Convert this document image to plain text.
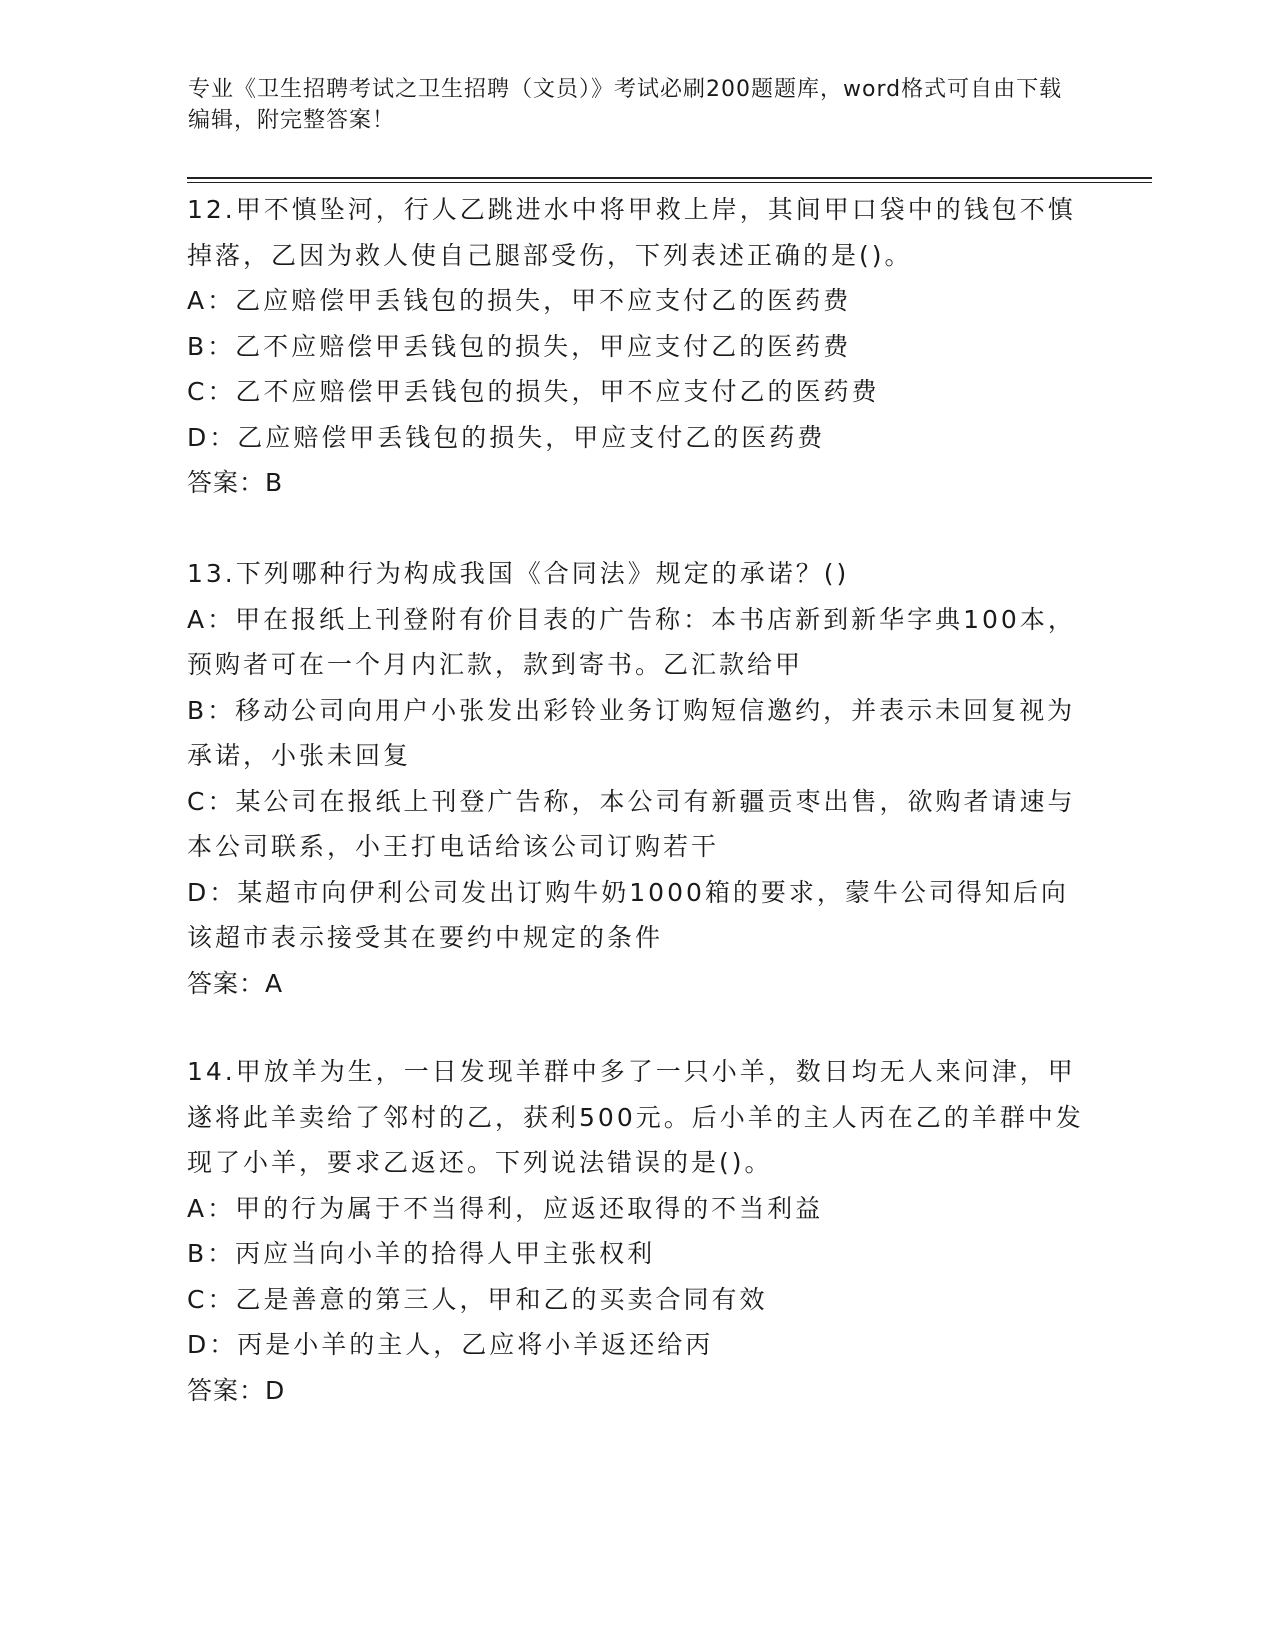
专业《卫生招聘考试之卫生招聘（文员）》考试必刷200题题库，word格式可自由下载编辑，附完整答案！
12.甲不慎坠河，行人乙跳进水中将甲救上岸，其间甲口袋中的钱包不慎掉落，乙因为救人使自己腿部受伤，下列表述正确的是()。
A：乙应赔偿甲丢钱包的损失，甲不应支付乙的医药费
B：乙不应赔偿甲丢钱包的损失，甲应支付乙的医药费
C：乙不应赔偿甲丢钱包的损失，甲不应支付乙的医药费
D：乙应赔偿甲丢钱包的损失，甲应支付乙的医药费
答案：B
13.下列哪种行为构成我国《合同法》规定的承诺？()
A：甲在报纸上刊登附有价目表的广告称：本书店新到新华字典100本，预购者可在一个月内汇款，款到寄书。乙汇款给甲
B：移动公司向用户小张发出彩铃业务订购短信邀约，并表示未回复视为承诺，小张未回复
C：某公司在报纸上刊登广告称，本公司有新疆贡枣出售，欲购者请速与本公司联系，小王打电话给该公司订购若干
D：某超市向伊利公司发出订购牛奶1000箱的要求，蒙牛公司得知后向该超市表示接受其在要约中规定的条件
答案：A
14.甲放羊为生，一日发现羊群中多了一只小羊，数日均无人来问津，甲遂将此羊卖给了邻村的乙，获利500元。后小羊的主人丙在乙的羊群中发现了小羊，要求乙返还。下列说法错误的是()。
A：甲的行为属于不当得利，应返还取得的不当利益
B：丙应当向小羊的拾得人甲主张权利
C：乙是善意的第三人，甲和乙的买卖合同有效
D：丙是小羊的主人，乙应将小羊返还给丙
答案：D
